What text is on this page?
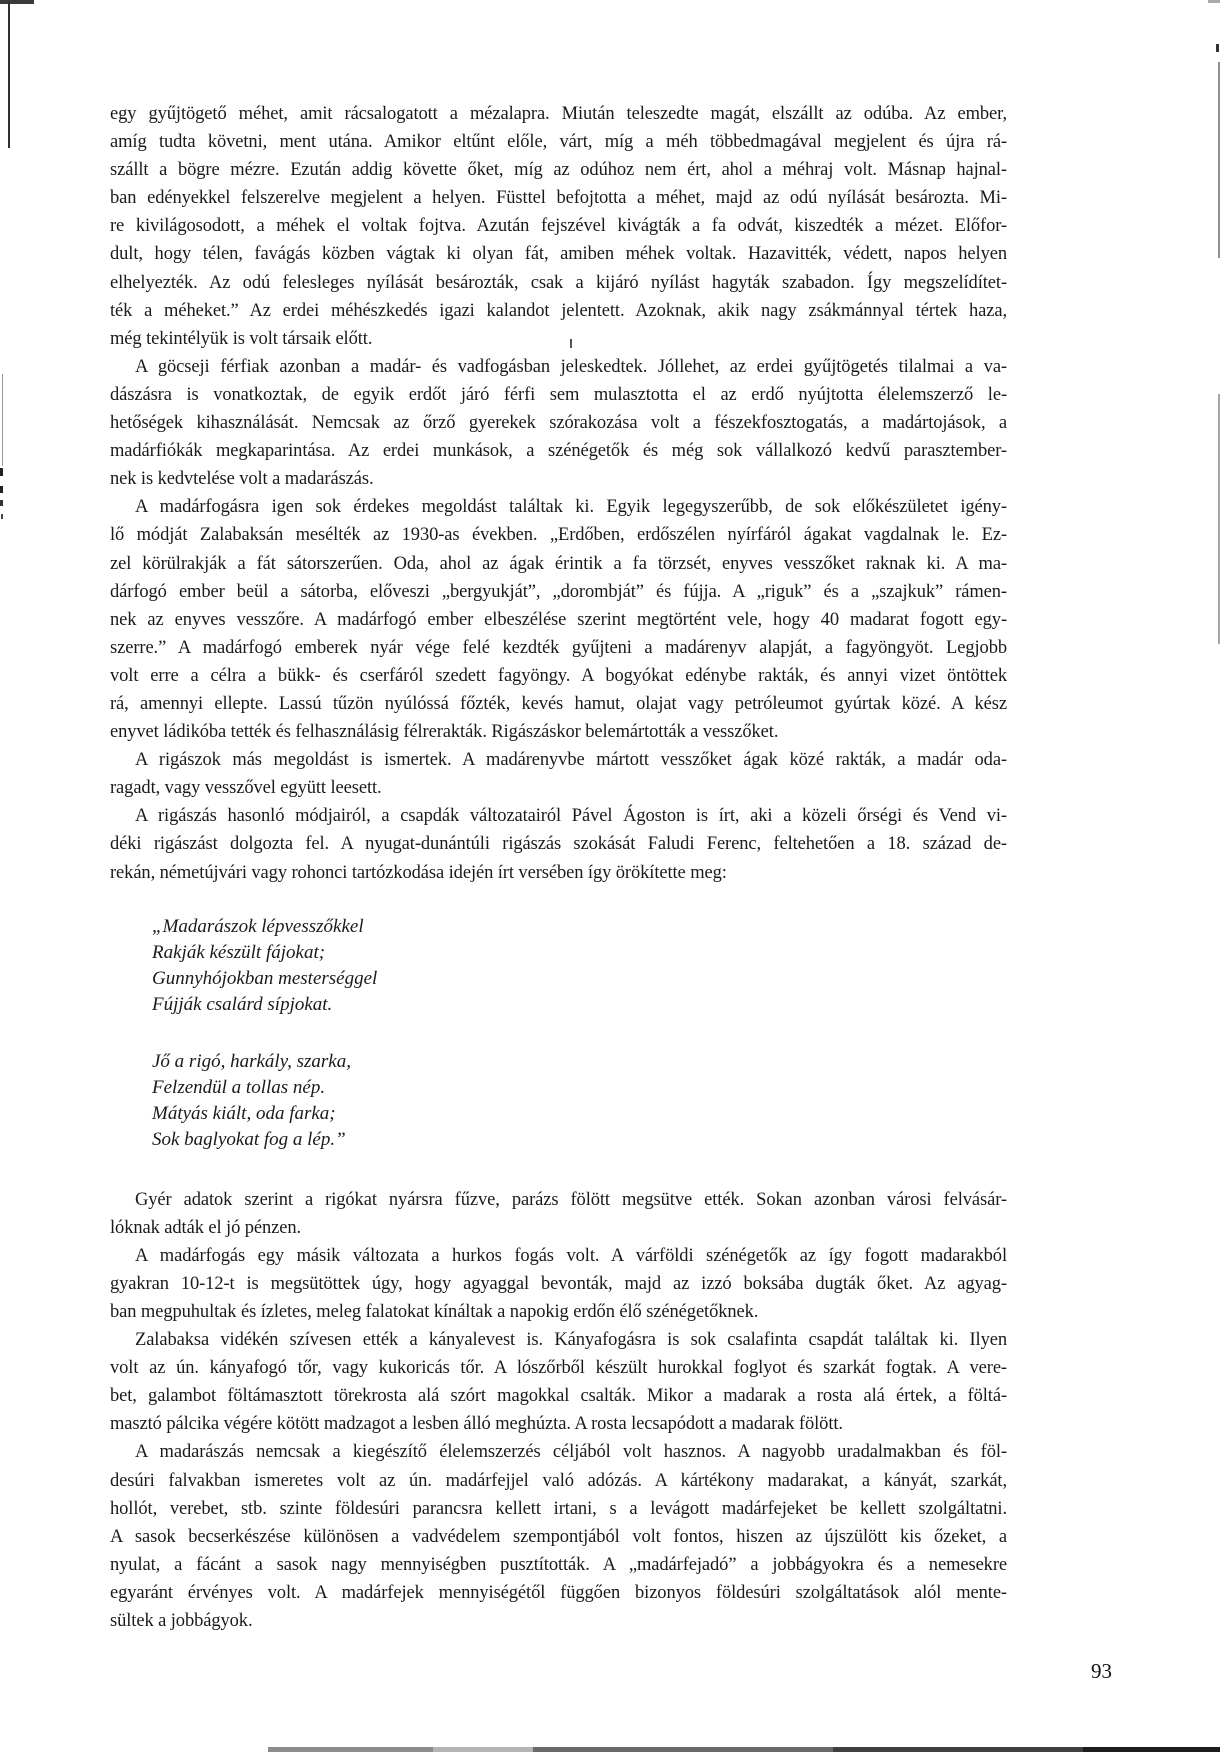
egy gyűjtögető méhet, amit rácsalogatott a mézalapra. Miután teleszedte magát, elszállt az odúba. Az ember,
amíg tudta követni, ment utána. Amikor eltűnt előle, várt, míg a méh többedmagával megjelent és újra rá-
szállt a bögre mézre. Ezután addig követte őket, míg az odúhoz nem ért, ahol a méhraj volt. Másnap hajnal-
ban edényekkel felszerelve megjelent a helyen. Füsttel befojtotta a méhet, majd az odú nyílását besározta. Mi-
re kivilágosodott, a méhek el voltak fojtva. Azután fejszével kivágták a fa odvát, kiszedték a mézet. Előfor-
dult, hogy télen, favágás közben vágtak ki olyan fát, amiben méhek voltak. Hazavitték, védett, napos helyen
elhelyezték. Az odú felesleges nyílását besározták, csak a kijáró nyílást hagyták szabadon. Így megszelídítet-
ték a méheket.” Az erdei méhészkedés igazi kalandot jelentett. Azoknak, akik nagy zsákmánnyal tértek haza,
még tekintélyük is volt társaik előtt.
A göcseji férfiak azonban a madár- és vadfogásban jeleskedtek. Jóllehet, az erdei gyűjtögetés tilalmai a va-
dászásra is vonatkoztak, de egyik erdőt járó férfi sem mulasztotta el az erdő nyújtotta élelemszerző le-
hetőségek kihasználását. Nemcsak az őrző gyerekek szórakozása volt a fészekfosztogatás, a madártojások, a
madárfiókák megkaparintása. Az erdei munkások, a szénégetők és még sok vállalkozó kedvű parasztember-
nek is kedvtelése volt a madarászás.
A madárfogásra igen sok érdekes megoldást találtak ki. Egyik legegyszerűbb, de sok előkészületet igény-
lő módját Zalabaksán mesélték az 1930-as években. „Erdőben, erdőszélen nyírfáról ágakat vagdalnak le. Ez-
zel körülrakják a fát sátorszerűen. Oda, ahol az ágak érintik a fa törzsét, enyves vesszőket raknak ki. A ma-
dárfogó ember beül a sátorba, előveszi „bergyukját”, „dorombját” és fújja. A „riguk” és a „szajkuk” rámen-
nek az enyves vesszőre. A madárfogó ember elbeszélése szerint megtörtént vele, hogy 40 madarat fogott egy-
szerre.” A madárfogó emberek nyár vége felé kezdték gyűjteni a madárenyv alapját, a fagyöngyöt. Legjobb
volt erre a célra a bükk- és cserfáról szedett fagyöngy. A bogyókat edénybe rakták, és annyi vizet öntöttek
rá, amennyi ellepte. Lassú tűzön nyúlóssá főzték, kevés hamut, olajat vagy petróleumot gyúrtak közé. A kész
enyvet ládikóba tették és felhasználásig félrerakták. Rigászáskor belemártották a vesszőket.
A rigászok más megoldást is ismertek. A madárenyvbe mártott vesszőket ágak közé rakták, a madár oda-
ragadt, vagy vesszővel együtt leesett.
A rigászás hasonló módjairól, a csapdák változatairól Pável Ágoston is írt, aki a közeli őrségi és Vend vi-
déki rigászást dolgozta fel. A nyugat-dunántúli rigászás szokását Faludi Ferenc, feltehetően a 18. század de-
rekán, németújvári vagy rohonci tartózkodása idején írt versében így örökítette meg:
„Madarászok lépvesszőkkel
Rakják készült fájokat;
Gunnyhójokban mesterséggel
Fújják csalárd sípjokat.
Jő a rigó, harkály, szarka,
Felzendül a tollas nép.
Mátyás kiált, oda farka;
Sok baglyokat fog a lép.”
Gyér adatok szerint a rigókat nyársra fűzve, parázs fölött megsütve ették. Sokan azonban városi felvásár-
lóknak adták el jó pénzen.
A madárfogás egy másik változata a hurkos fogás volt. A várföldi szénégetők az így fogott madarakból
gyakran 10-12-t is megsütöttek úgy, hogy agyaggal bevonták, majd az izzó boksába dugták őket. Az agyag-
ban megpuhultak és ízletes, meleg falatokat kínáltak a napokig erdőn élő szénégetőknek.
Zalabaksa vidékén szívesen ették a kányalevest is. Kányafogásra is sok csalafinta csapdát találtak ki. Ilyen
volt az ún. kányafogó tőr, vagy kukoricás tőr. A lószőrből készült hurokkal foglyot és szarkát fogtak. A vere-
bet, galambot föltámasztott törekrosta alá szórt magokkal csalták. Mikor a madarak a rosta alá értek, a föltá-
masztó pálcika végére kötött madzagot a lesben álló meghúzta. A rosta lecsapódott a madarak fölött.
A madarászás nemcsak a kiegészítő élelemszerzés céljából volt hasznos. A nagyobb uradalmakban és föl-
desúri falvakban ismeretes volt az ún. madárfejjel való adózás. A kártékony madarakat, a kányát, szarkát,
hollót, verebet, stb. szinte földesúri parancsra kellett irtani, s a levágott madárfejeket be kellett szolgáltatni.
A sasok becserkészése különösen a vadvédelem szempontjából volt fontos, hiszen az újszülött kis őzeket, a
nyulat, a fácánt a sasok nagy mennyiségben pusztították. A „madárfejadó” a jobbágyokra és a nemesekre
egyaránt érvényes volt. A madárfejek mennyiségétől függően bizonyos földesúri szolgáltatások alól mente-
sültek a jobbágyok.
93
